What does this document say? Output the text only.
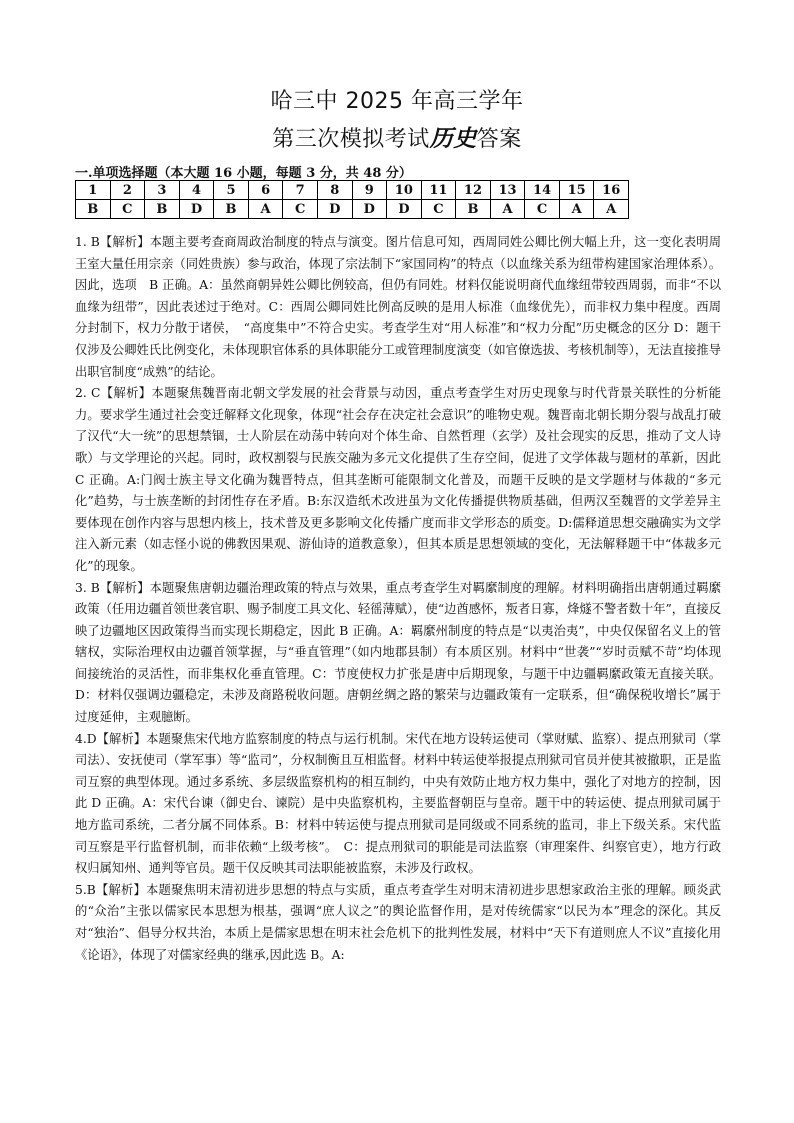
哈三中 2025 年高三学年
第三次模拟考试历史答案
一.单项选择题（本大题 16 小题，每题 3 分，共 48 分）
1	2	3	4	5	6	7	8	9	10	11	12	13	14	15	16
B	C	B	D	B	A	C	D	D	D	C	B	A	C	A	A

1. B【解析】本题主要考查商周政治制度的特点与演变。图片信息可知，西周同姓公卿比例大幅上升，这一变化表明周王室大量任用宗亲（同姓贵族）参与政治，体现了宗法制下“家国同构”的特点（以血缘关系为纽带构建国家治理体系）。因此，选项　B 正确。A：虽然商朝异姓公卿比例较高，但仍有同姓。材料仅能说明商代血缘纽带较西周弱，而非“不以血缘为纽带”，因此表述过于绝对。C：西周公卿同姓比例高反映的是用人标准（血缘优先），而非权力集中程度。西周分封制下，权力分散于诸侯，　“高度集中”不符合史实。考查学生对“用人标准”和“权力分配”历史概念的区分 D：题干仅涉及公卿姓氏比例变化，未体现职官体系的具体职能分工或管理制度演变（如官僚选拔、考核机制等），无法直接推导出职官制度“成熟”的结论。

2. C【解析】本题聚焦魏晋南北朝文学发展的社会背景与动因，重点考查学生对历史现象与时代背景关联性的分析能力。要求学生通过社会变迁解释文化现象，体现“社会存在决定社会意识”的唯物史观。魏晋南北朝长期分裂与战乱打破了汉代“大一统”的思想禁锢，士人阶层在动荡中转向对个体生命、自然哲理（玄学）及社会现实的反思，推动了文人诗歌）与文学理论的兴起。同时，政权割裂与民族交融为多元文化提供了生存空间，促进了文学体裁与题材的革新，因此 C 正确。A:门阀士族主导文化确为魏晋特点，但其垄断可能限制文化普及，而题干反映的是文学题材与体裁的“多元化”趋势，与士族垄断的封闭性存在矛盾。B:东汉造纸术改进虽为文化传播提供物质基础，但两汉至魏晋的文学差异主要体现在创作内容与思想内核上，技术普及更多影响文化传播广度而非文学形态的质变。D:儒释道思想交融确实为文学注入新元素（如志怪小说的佛教因果观、游仙诗的道教意象），但其本质是思想领域的变化，无法解释题干中“体裁多元化”的现象。

3. B【解析】本题聚焦唐朝边疆治理政策的特点与效果，重点考查学生对羁縻制度的理解。材料明确指出唐朝通过羁縻政策（任用边疆首领世袭官职、赐予制度工具文化、轻徭薄赋），使“边酋感怀，叛者日寡，烽燧不警者数十年”，直接反映了边疆地区因政策得当而实现长期稳定，因此 B 正确。A：羁縻州制度的特点是“以夷治夷”，中央仅保留名义上的管辖权，实际治理权由边疆首领掌握，与“垂直管理”（如内地郡县制）有本质区别。材料中“世袭”“岁时贡赋不苛”均体现间接统治的灵活性，而非集权化垂直管理。C：节度使权力扩张是唐中后期现象，与题干中边疆羁縻政策无直接关联。D：材料仅强调边疆稳定，未涉及商路税收问题。唐朝丝绸之路的繁荣与边疆政策有一定联系，但“确保税收增长”属于过度延伸，主观臆断。

4.D【解析】本题聚焦宋代地方监察制度的特点与运行机制。宋代在地方设转运使司（掌财赋、监察）、提点刑狱司（掌司法）、安抚使司（掌军事）等“监司”，分权制衡且互相监督。材料中转运使举报提点刑狱司官员并使其被撤职，正是监司互察的典型体现。通过多系统、多层级监察机构的相互制约，中央有效防止地方权力集中，强化了对地方的控制，因此 D 正确。A：宋代台谏（御史台、谏院）是中央监察机构，主要监督朝臣与皇帝。题干中的转运使、提点刑狱司属于地方监司系统，二者分属不同体系。B：材料中转运使与提点刑狱司是同级或不同系统的监司，非上下级关系。宋代监司互察是平行监督机制，而非依赖“上级考核”。　C：提点刑狱司的职能是司法监察（审理案件、纠察官吏），地方行政权归属知州、通判等官员。题干仅反映其司法职能被监察，未涉及行政权。

5.B【解析】本题聚焦明末清初进步思想的特点与实质，重点考查学生对明末清初进步思想家政治主张的理解。顾炎武的“众治”主张以儒家民本思想为根基，强调“庶人议之”的舆论监督作用，是对传统儒家“以民为本”理念的深化。其反对“独治”、倡导分权共治，本质上是儒家思想在明末社会危机下的批判性发展，材料中“天下有道则庶人不议”直接化用《论语》，体现了对儒家经典的继承,因此选 B。A:
